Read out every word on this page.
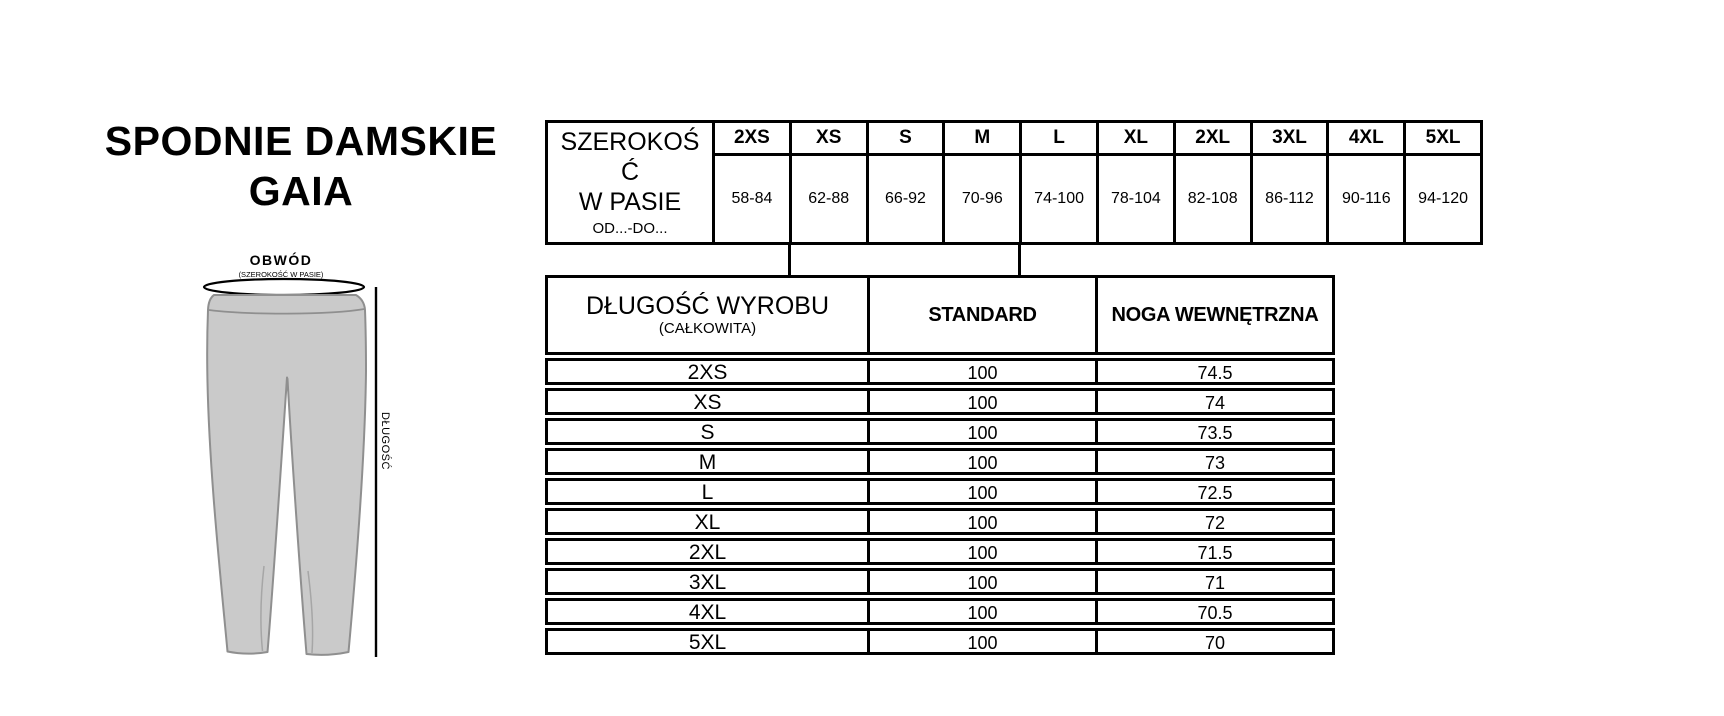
SPODNIE DAMSKIE
GAIA
OBWÓD
(SZEROKOŚĆ W PASIE)
DŁUGOŚĆ
SZEROKOŚ
Ć
W PASIE
OD...-DO...
2XS	XS	S	M	L	XL	2XL	3XL	4XL	5XL
58-84	62-88	66-92	70-96	74-100	78-104	82-108	86-112	90-116	94-120
DŁUGOŚĆ WYROBU
(CAŁKOWITA)
STANDARD	NOGA WEWNĘTRZNA
2XS	100	74.5
XS	100	74
S	100	73.5
M	100	73
L	100	72.5
XL	100	72
2XL	100	71.5
3XL	100	71
4XL	100	70.5
5XL	100	70
